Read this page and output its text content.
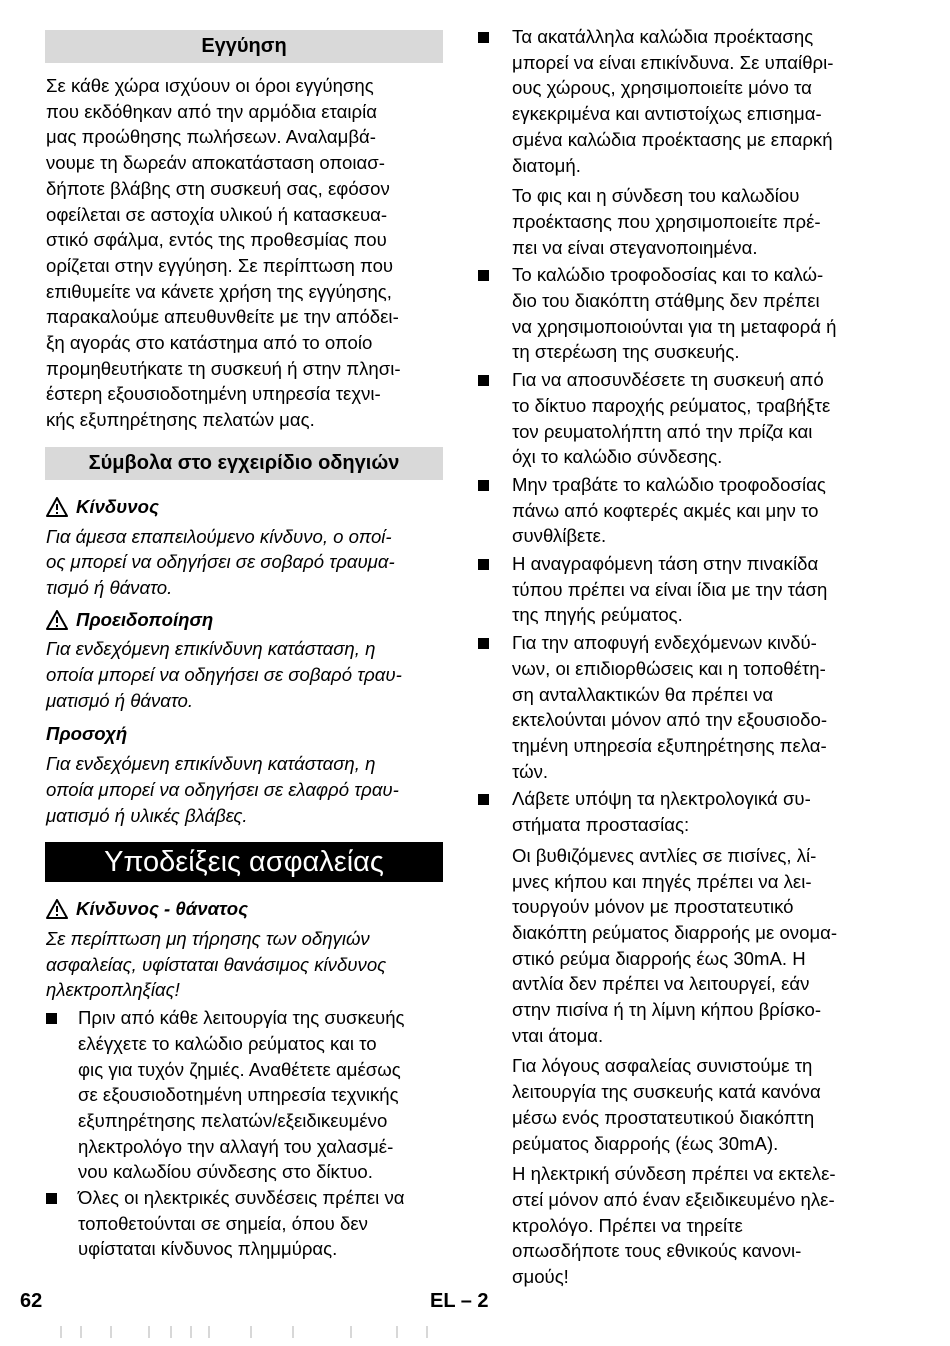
Εγγύηση
Σε κάθε χώρα ισχύουν οι όροι εγγύησης
που εκδόθηκαν από την αρμόδια εταιρία
μας προώθησης πωλήσεων. Αναλαμβά-
νουμε τη δωρεάν αποκατάσταση οποιασ-
δήποτε βλάβης στη συσκευή σας, εφόσον
οφείλεται σε αστοχία υλικού ή κατασκευα-
στικό σφάλμα, εντός της προθεσμίας που
ορίζεται στην εγγύηση. Σε περίπτωση που
επιθυμείτε να κάνετε χρήση της εγγύησης,
παρακαλούμε απευθυνθείτε με την απόδει-
ξη αγοράς στο κατάστημα από το οποίο
προμηθευτήκατε τη συσκευή ή στην πλησι-
έστερη εξουσιοδοτημένη υπηρεσία τεχνι-
κής εξυπηρέτησης πελατών μας.
Σύμβολα στο εγχειρίδιο οδηγιών
Κίνδυνος
Για άμεσα επαπειλούμενο κίνδυνο, ο οποί-
ος μπορεί να οδηγήσει σε σοβαρό τραυμα-
τισμό ή θάνατο.
Προειδοποίηση
Για ενδεχόμενη επικίνδυνη κατάσταση, η
οποία μπορεί να οδηγήσει σε σοβαρό τραυ-
ματισμό ή θάνατο.
Προσοχή
Για ενδεχόμενη επικίνδυνη κατάσταση, η
οποία μπορεί να οδηγήσει σε ελαφρό τραυ-
ματισμό ή υλικές βλάβες.
Υποδείξεις ασφαλείας
Κίνδυνος - θάνατος
Σε περίπτωση μη τήρησης των οδηγιών
ασφαλείας, υφίσταται θανάσιμος κίνδυνος
ηλεκτροπληξίας!
Πριν από κάθε λειτουργία της συσκευής
ελέγχετε το καλώδιο ρεύματος και το
φις για τυχόν ζημιές. Αναθέτετε αμέσως
σε εξουσιοδοτημένη υπηρεσία τεχνικής
εξυπηρέτησης πελατών/εξειδικευμένο
ηλεκτρολόγο την αλλαγή του χαλασμέ-
νου καλωδίου σύνδεσης στο δίκτυο.
Όλες οι ηλεκτρικές συνδέσεις πρέπει να
τοποθετούνται σε σημεία, όπου δεν
υφίσταται κίνδυνος πλημμύρας.
Τα ακατάλληλα καλώδια προέκτασης
μπορεί να είναι επικίνδυνα. Σε υπαίθρι-
ους χώρους, χρησιμοποιείτε μόνο τα
εγκεκριμένα και αντιστοίχως επισημα-
σμένα καλώδια προέκτασης με επαρκή
διατομή.
Το φις και η σύνδεση του καλωδίου
προέκτασης που χρησιμοποιείτε πρέ-
πει να είναι στεγανοποιημένα.
Το καλώδιο τροφοδοσίας και το καλώ-
διο του διακόπτη στάθμης δεν πρέπει
να χρησιμοποιούνται για τη μεταφορά ή
τη στερέωση της συσκευής.
Για να αποσυνδέσετε τη συσκευή από
το δίκτυο παροχής ρεύματος, τραβήξτε
τον ρευματολήπτη από την πρίζα και
όχι το καλώδιο σύνδεσης.
Μην τραβάτε το καλώδιο τροφοδοσίας
πάνω από κοφτερές ακμές και μην το
συνθλίβετε.
Η αναγραφόμενη τάση στην πινακίδα
τύπου πρέπει να είναι ίδια με την τάση
της πηγής ρεύματος.
Για την αποφυγή ενδεχόμενων κινδύ-
νων, οι επιδιορθώσεις και η τοποθέτη-
ση ανταλλακτικών θα πρέπει να
εκτελούνται μόνον από την εξουσιοδο-
τημένη υπηρεσία εξυπηρέτησης πελα-
τών.
Λάβετε υπόψη τα ηλεκτρολογικά συ-
στήματα προστασίας:
Οι βυθιζόμενες αντλίες σε πισίνες, λί-
μνες κήπου και πηγές πρέπει να λει-
τουργούν μόνον με προστατευτικό
διακόπτη ρεύματος διαρροής με ονομα-
στικό ρεύμα διαρροής έως 30mA. Η
αντλία δεν πρέπει να λειτουργεί, εάν
στην πισίνα ή τη λίμνη κήπου βρίσκο-
νται άτομα.
Για λόγους ασφαλείας συνιστούμε τη
λειτουργία της συσκευής κατά κανόνα
μέσω ενός προστατευτικού διακόπτη
ρεύματος διαρροής (έως 30mA).
Η ηλεκτρική σύνδεση πρέπει να εκτελε-
στεί μόνον από έναν εξειδικευμένο ηλε-
κτρολόγο. Πρέπει να τηρείτε
οπωσδήποτε τους εθνικούς κανονι-
σμούς!
62	EL – 2
